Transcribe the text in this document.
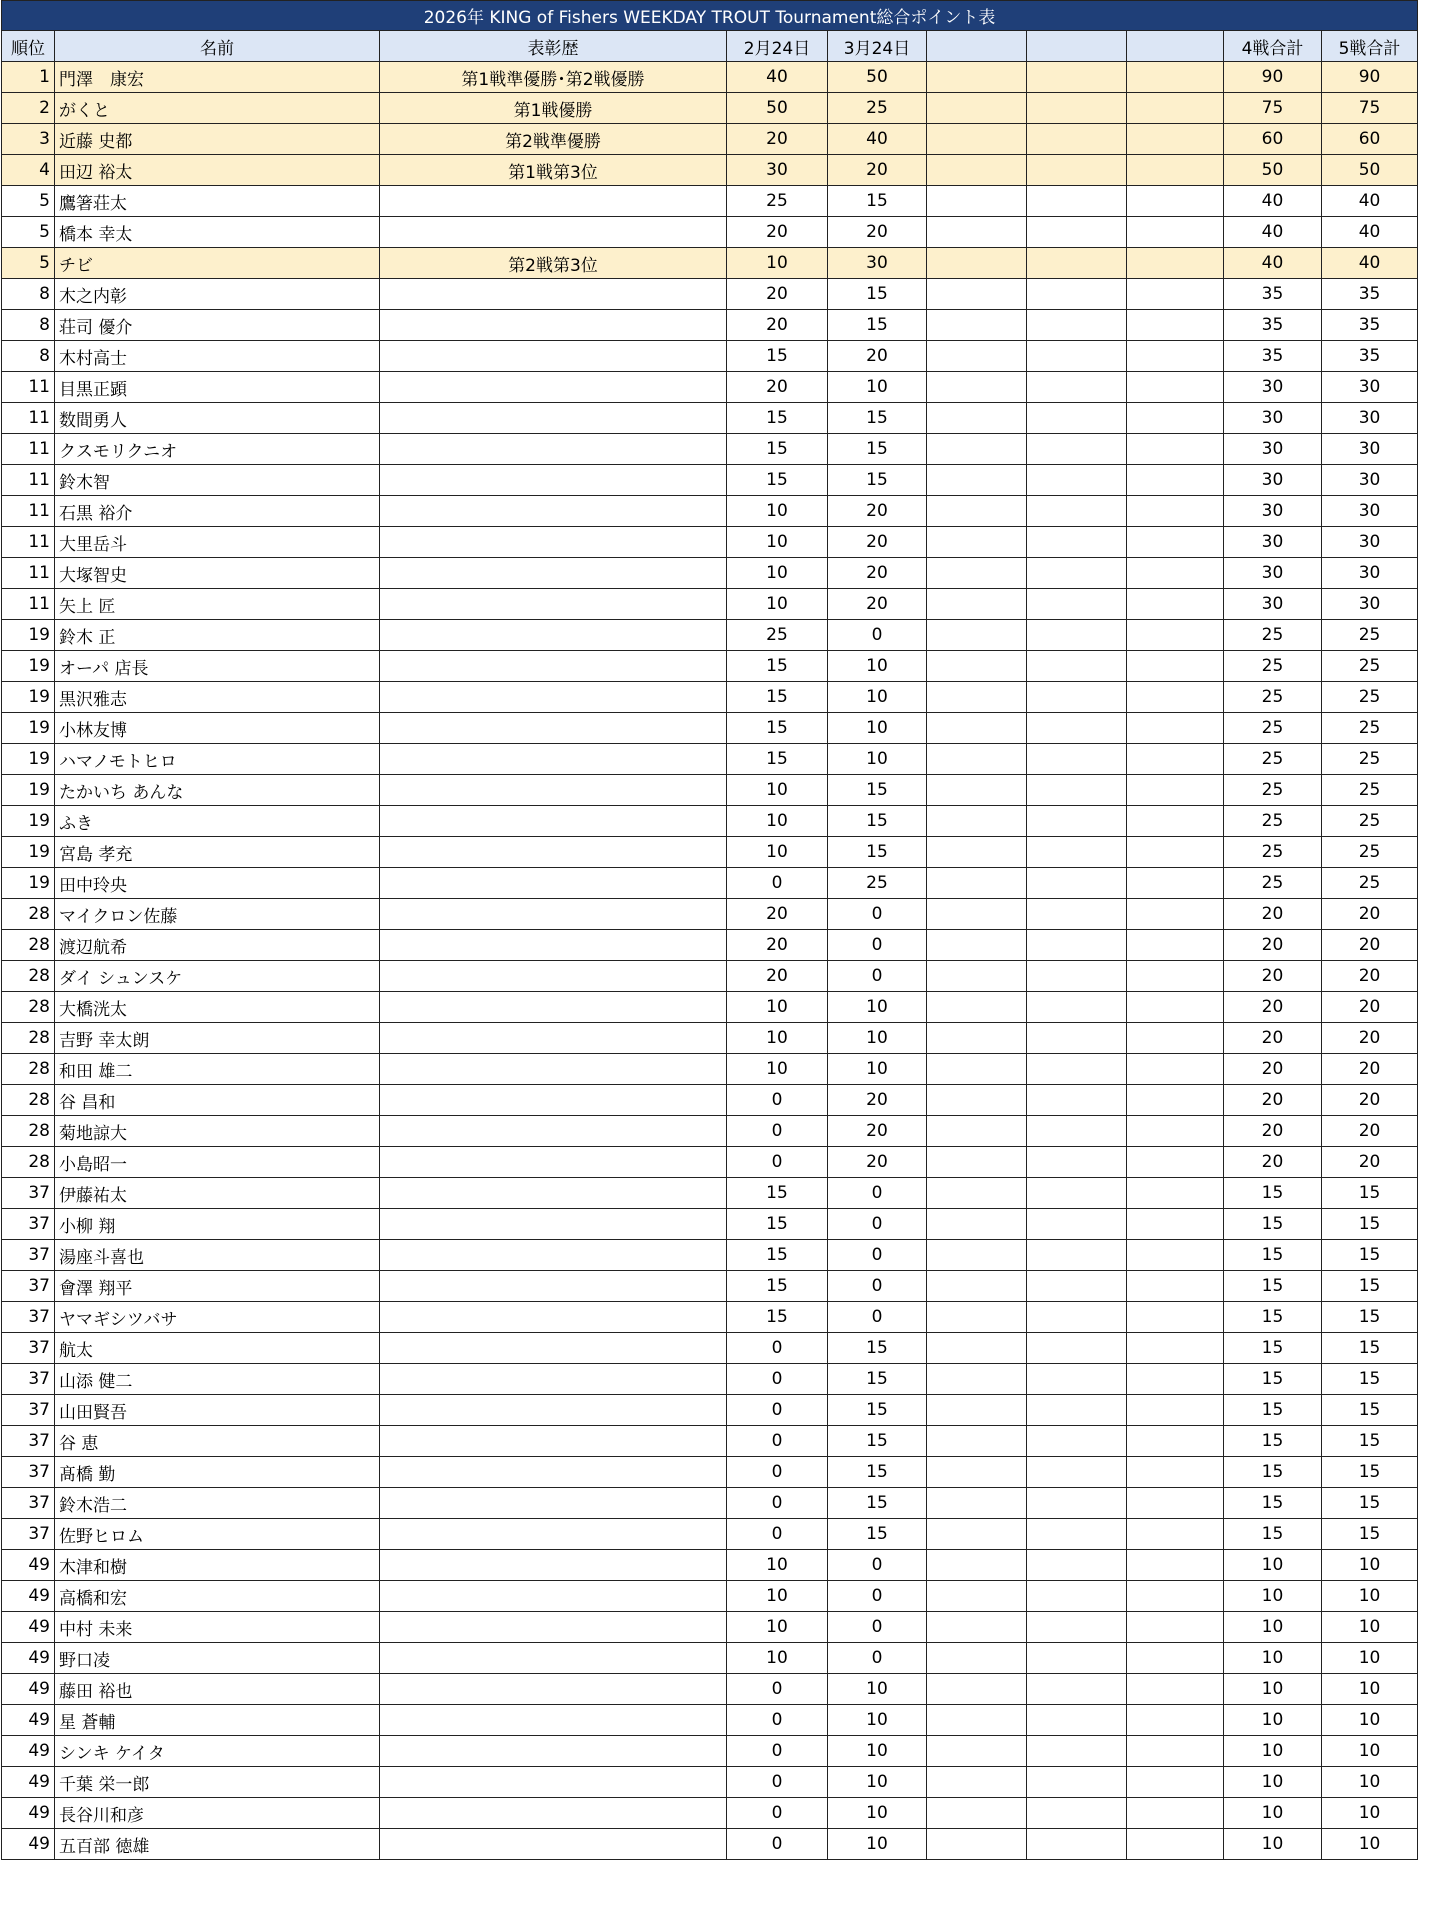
2026年 KING of Fishers WEEKDAY TROUT Tournament総合ポイント表									
順位	名前	表彰歴	2月24日	3月24日				4戦合計	5戦合計
1	門澤　康宏	第1戦準優勝･第2戦優勝	40	50				90	90
2	がくと	第1戦優勝	50	25				75	75
3	近藤 史都	第2戦準優勝	20	40				60	60
4	田辺 裕太	第1戦第3位	30	20				50	50
5	鷹箸荘太		25	15				40	40
5	橋本 幸太		20	20				40	40
5	チビ	第2戦第3位	10	30				40	40
8	木之内彰		20	15				35	35
8	荘司 優介		20	15				35	35
8	木村高士		15	20				35	35
11	目黒正顕		20	10				30	30
11	数間勇人		15	15				30	30
11	クスモリクニオ		15	15				30	30
11	鈴木智		15	15				30	30
11	石黒 裕介		10	20				30	30
11	大里岳斗		10	20				30	30
11	大塚智史		10	20				30	30
11	矢上 匠		10	20				30	30
19	鈴木 正		25	0				25	25
19	オーパ 店長		15	10				25	25
19	黒沢雅志		15	10				25	25
19	小林友博		15	10				25	25
19	ハマノモトヒロ		15	10				25	25
19	たかいち あんな		10	15				25	25
19	ふき		10	15				25	25
19	宮島 孝充		10	15				25	25
19	田中玲央		0	25				25	25
28	マイクロン佐藤		20	0				20	20
28	渡辺航希		20	0				20	20
28	ダイ シュンスケ		20	0				20	20
28	大橋洸太		10	10				20	20
28	吉野 幸太朗		10	10				20	20
28	和田 雄二		10	10				20	20
28	谷 昌和		0	20				20	20
28	菊地諒大		0	20				20	20
28	小島昭一		0	20				20	20
37	伊藤祐太		15	0				15	15
37	小柳 翔		15	0				15	15
37	湯座斗喜也		15	0				15	15
37	會澤 翔平		15	0				15	15
37	ヤマギシツバサ		15	0				15	15
37	航太		0	15				15	15
37	山添 健二		0	15				15	15
37	山田賢吾		0	15				15	15
37	谷 恵		0	15				15	15
37	髙橋 勤		0	15				15	15
37	鈴木浩二		0	15				15	15
37	佐野ヒロム		0	15				15	15
49	木津和樹		10	0				10	10
49	高橋和宏		10	0				10	10
49	中村 未来		10	0				10	10
49	野口凌		10	0				10	10
49	藤田 裕也		0	10				10	10
49	星 蒼輔		0	10				10	10
49	シンキ ケイタ		0	10				10	10
49	千葉 栄一郎		0	10				10	10
49	長谷川和彦		0	10				10	10
49	五百部 徳雄		0	10				10	10
